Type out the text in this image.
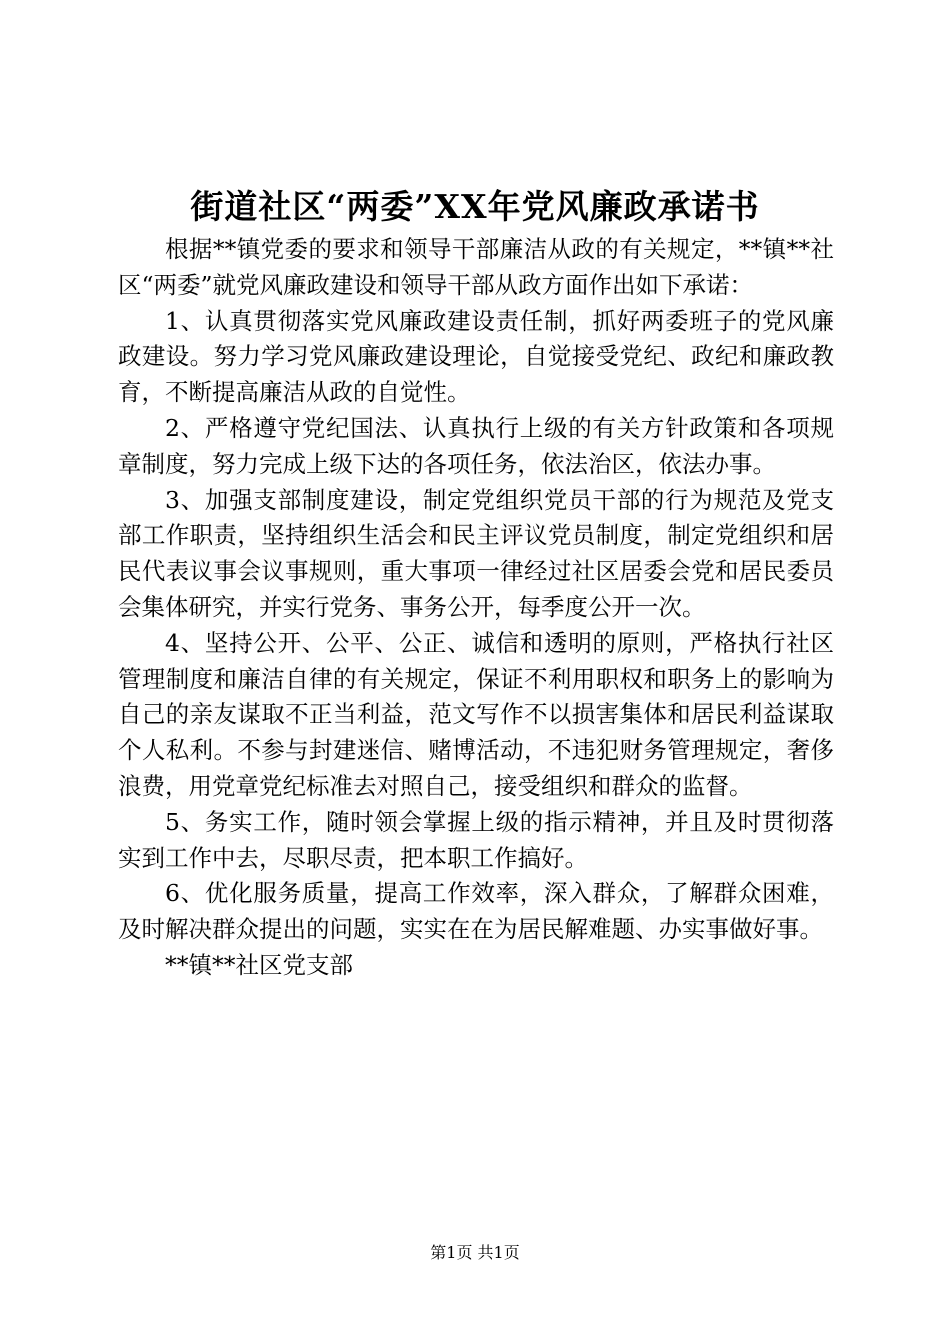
街道社区“两委”XX年党风廉政承诺书

根据**镇党委的要求和领导干部廉洁从政的有关规定，**镇**社区“两委”就党风廉政建设和领导干部从政方面作出如下承诺：

1、认真贯彻落实党风廉政建设责任制，抓好两委班子的党风廉政建设。努力学习党风廉政建设理论，自觉接受党纪、政纪和廉政教育，不断提高廉洁从政的自觉性。

2、严格遵守党纪国法、认真执行上级的有关方针政策和各项规章制度，努力完成上级下达的各项任务，依法治区，依法办事。

3、加强支部制度建设，制定党组织党员干部的行为规范及党支部工作职责，坚持组织生活会和民主评议党员制度，制定党组织和居民代表议事会议事规则，重大事项一律经过社区居委会党和居民委员会集体研究，并实行党务、事务公开，每季度公开一次。

4、坚持公开、公平、公正、诚信和透明的原则，严格执行社区管理制度和廉洁自律的有关规定，保证不利用职权和职务上的影响为自己的亲友谋取不正当利益，范文写作不以损害集体和居民利益谋取个人私利。不参与封建迷信、赌博活动，不违犯财务管理规定，奢侈浪费，用党章党纪标准去对照自己，接受组织和群众的监督。

5、务实工作，随时领会掌握上级的指示精神，并且及时贯彻落实到工作中去，尽职尽责，把本职工作搞好。

6、优化服务质量，提高工作效率，深入群众，了解群众困难，及时解决群众提出的问题，实实在在为居民解难题、办实事做好事。

**镇**社区党支部

第1页 共1页
